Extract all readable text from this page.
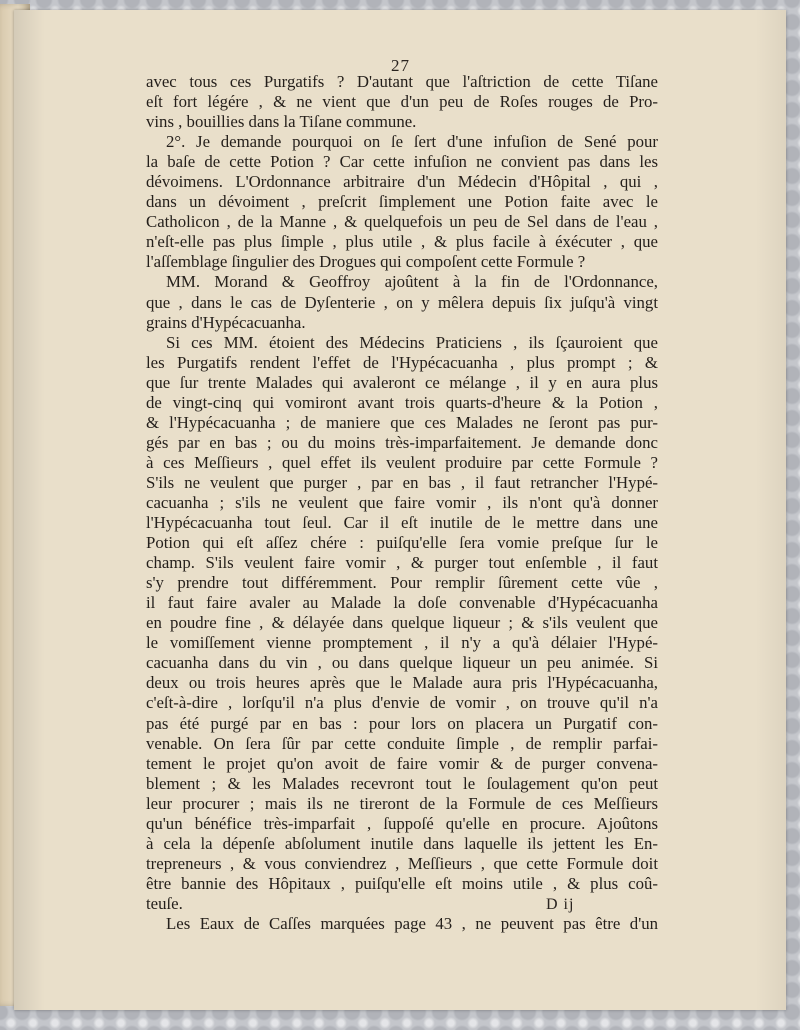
27

avec tous ces Purgatifs ? D'autant que l'aſtriction de cette Tiſane
eſt fort légére , & ne vient que d'un peu de Roſes rouges de Pro-
vins , bouillies dans la Tiſane commune.
2°. Je demande pourquoi on ſe ſert d'une infuſion de Sené pour
la baſe de cette Potion ? Car cette infuſion ne convient pas dans les
dévoimens. L'Ordonnance arbitraire d'un Médecin d'Hôpital , qui ,
dans un dévoiment , preſcrit ſimplement une Potion faite avec le
Catholicon , de la Manne , & quelquefois un peu de Sel dans de l'eau ,
n'eſt-elle pas plus ſimple , plus utile , & plus facile à éxécuter , que
l'aſſemblage ſingulier des Drogues qui compoſent cette Formule ?
MM. Morand & Geoffroy ajoûtent à la fin de l'Ordonnance,
que , dans le cas de Dyſenterie , on y mêlera depuis ſix juſqu'à vingt
grains d'Hypécacuanha.
Si ces MM. étoient des Médecins Praticiens , ils ſçauroient que
les Purgatifs rendent l'effet de l'Hypécacuanha , plus prompt ; &
que ſur trente Malades qui avaleront ce mélange , il y en aura plus
de vingt-cinq qui vomiront avant trois quarts-d'heure & la Potion ,
& l'Hypécacuanha ; de maniere que ces Malades ne ſeront pas pur-
gés par en bas ; ou du moins très-imparfaitement. Je demande donc
à ces Meſſieurs , quel effet ils veulent produire par cette Formule ?
S'ils ne veulent que purger , par en bas , il faut retrancher l'Hypé-
cacuanha ; s'ils ne veulent que faire vomir , ils n'ont qu'à donner
l'Hypécacuanha tout ſeul. Car il eſt inutile de le mettre dans une
Potion qui eſt aſſez chére : puiſqu'elle ſera vomie preſque ſur le
champ. S'ils veulent faire vomir , & purger tout enſemble , il faut
s'y prendre tout différemment. Pour remplir ſûrement cette vûe ,
il faut faire avaler au Malade la doſe convenable d'Hypécacuanha
en poudre fine , & délayée dans quelque liqueur ; & s'ils veulent que
le vomiſſement vienne promptement , il n'y a qu'à délaier l'Hypé-
cacuanha dans du vin , ou dans quelque liqueur un peu animée. Si
deux ou trois heures après que le Malade aura pris l'Hypécacuanha,
c'eſt-à-dire , lorſqu'il n'a plus d'envie de vomir , on trouve qu'il n'a
pas été purgé par en bas : pour lors on placera un Purgatif con-
venable. On ſera ſûr par cette conduite ſimple , de remplir parfai-
tement le projet qu'on avoit de faire vomir & de purger convena-
blement ; & les Malades recevront tout le ſoulagement qu'on peut
leur procurer ; mais ils ne tireront de la Formule de ces Meſſieurs
qu'un bénéfice très-imparfait , ſuppoſé qu'elle en procure. Ajoûtons
à cela la dépenſe abſolument inutile dans laquelle ils jettent les En-
trepreneurs , & vous conviendrez , Meſſieurs , que cette Formule doit
être bannie des Hôpitaux , puiſqu'elle eſt moins utile , & plus coû-
teuſe.
Les Eaux de Caſſes marquées page 43 , ne peuvent pas être d'un

D ij
